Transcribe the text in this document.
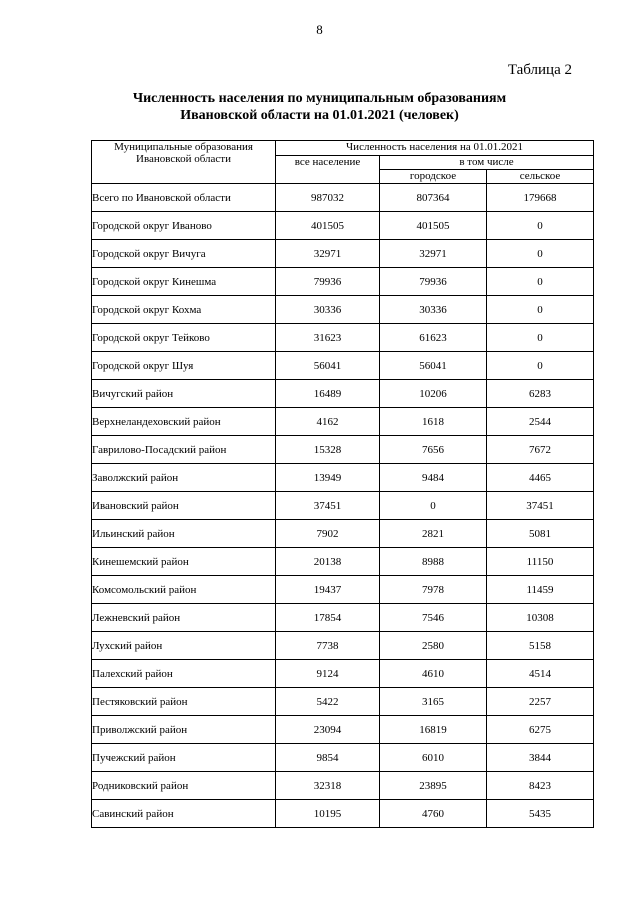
8
Таблица 2
Численность населения по муниципальным образованиям
Ивановской области на 01.01.2021 (человек)
Муниципальные образования Ивановской области	Численность населения на 01.01.2021		
	все население	в том числе	
		городское	сельское
Всего по Ивановской области	987032	807364	179668
Городской округ Иваново	401505	401505	0
Городской округ Вичуга	32971	32971	0
Городской округ Кинешма	79936	79936	0
Городской округ Кохма	30336	30336	0
Городской округ Тейково	31623	61623	0
Городской округ Шуя	56041	56041	0
Вичугский район	16489	10206	6283
Верхнеландеховский район	4162	1618	2544
Гаврилово-Посадский район	15328	7656	7672
Заволжский район	13949	9484	4465
Ивановский район	37451	0	37451
Ильинский район	7902	2821	5081
Кинешемский район	20138	8988	11150
Комсомольский район	19437	7978	11459
Лежневский район	17854	7546	10308
Лухский район	7738	2580	5158
Палехский район	9124	4610	4514
Пестяковский район	5422	3165	2257
Приволжский район	23094	16819	6275
Пучежский район	9854	6010	3844
Родниковский район	32318	23895	8423
Савинский район	10195	4760	5435
